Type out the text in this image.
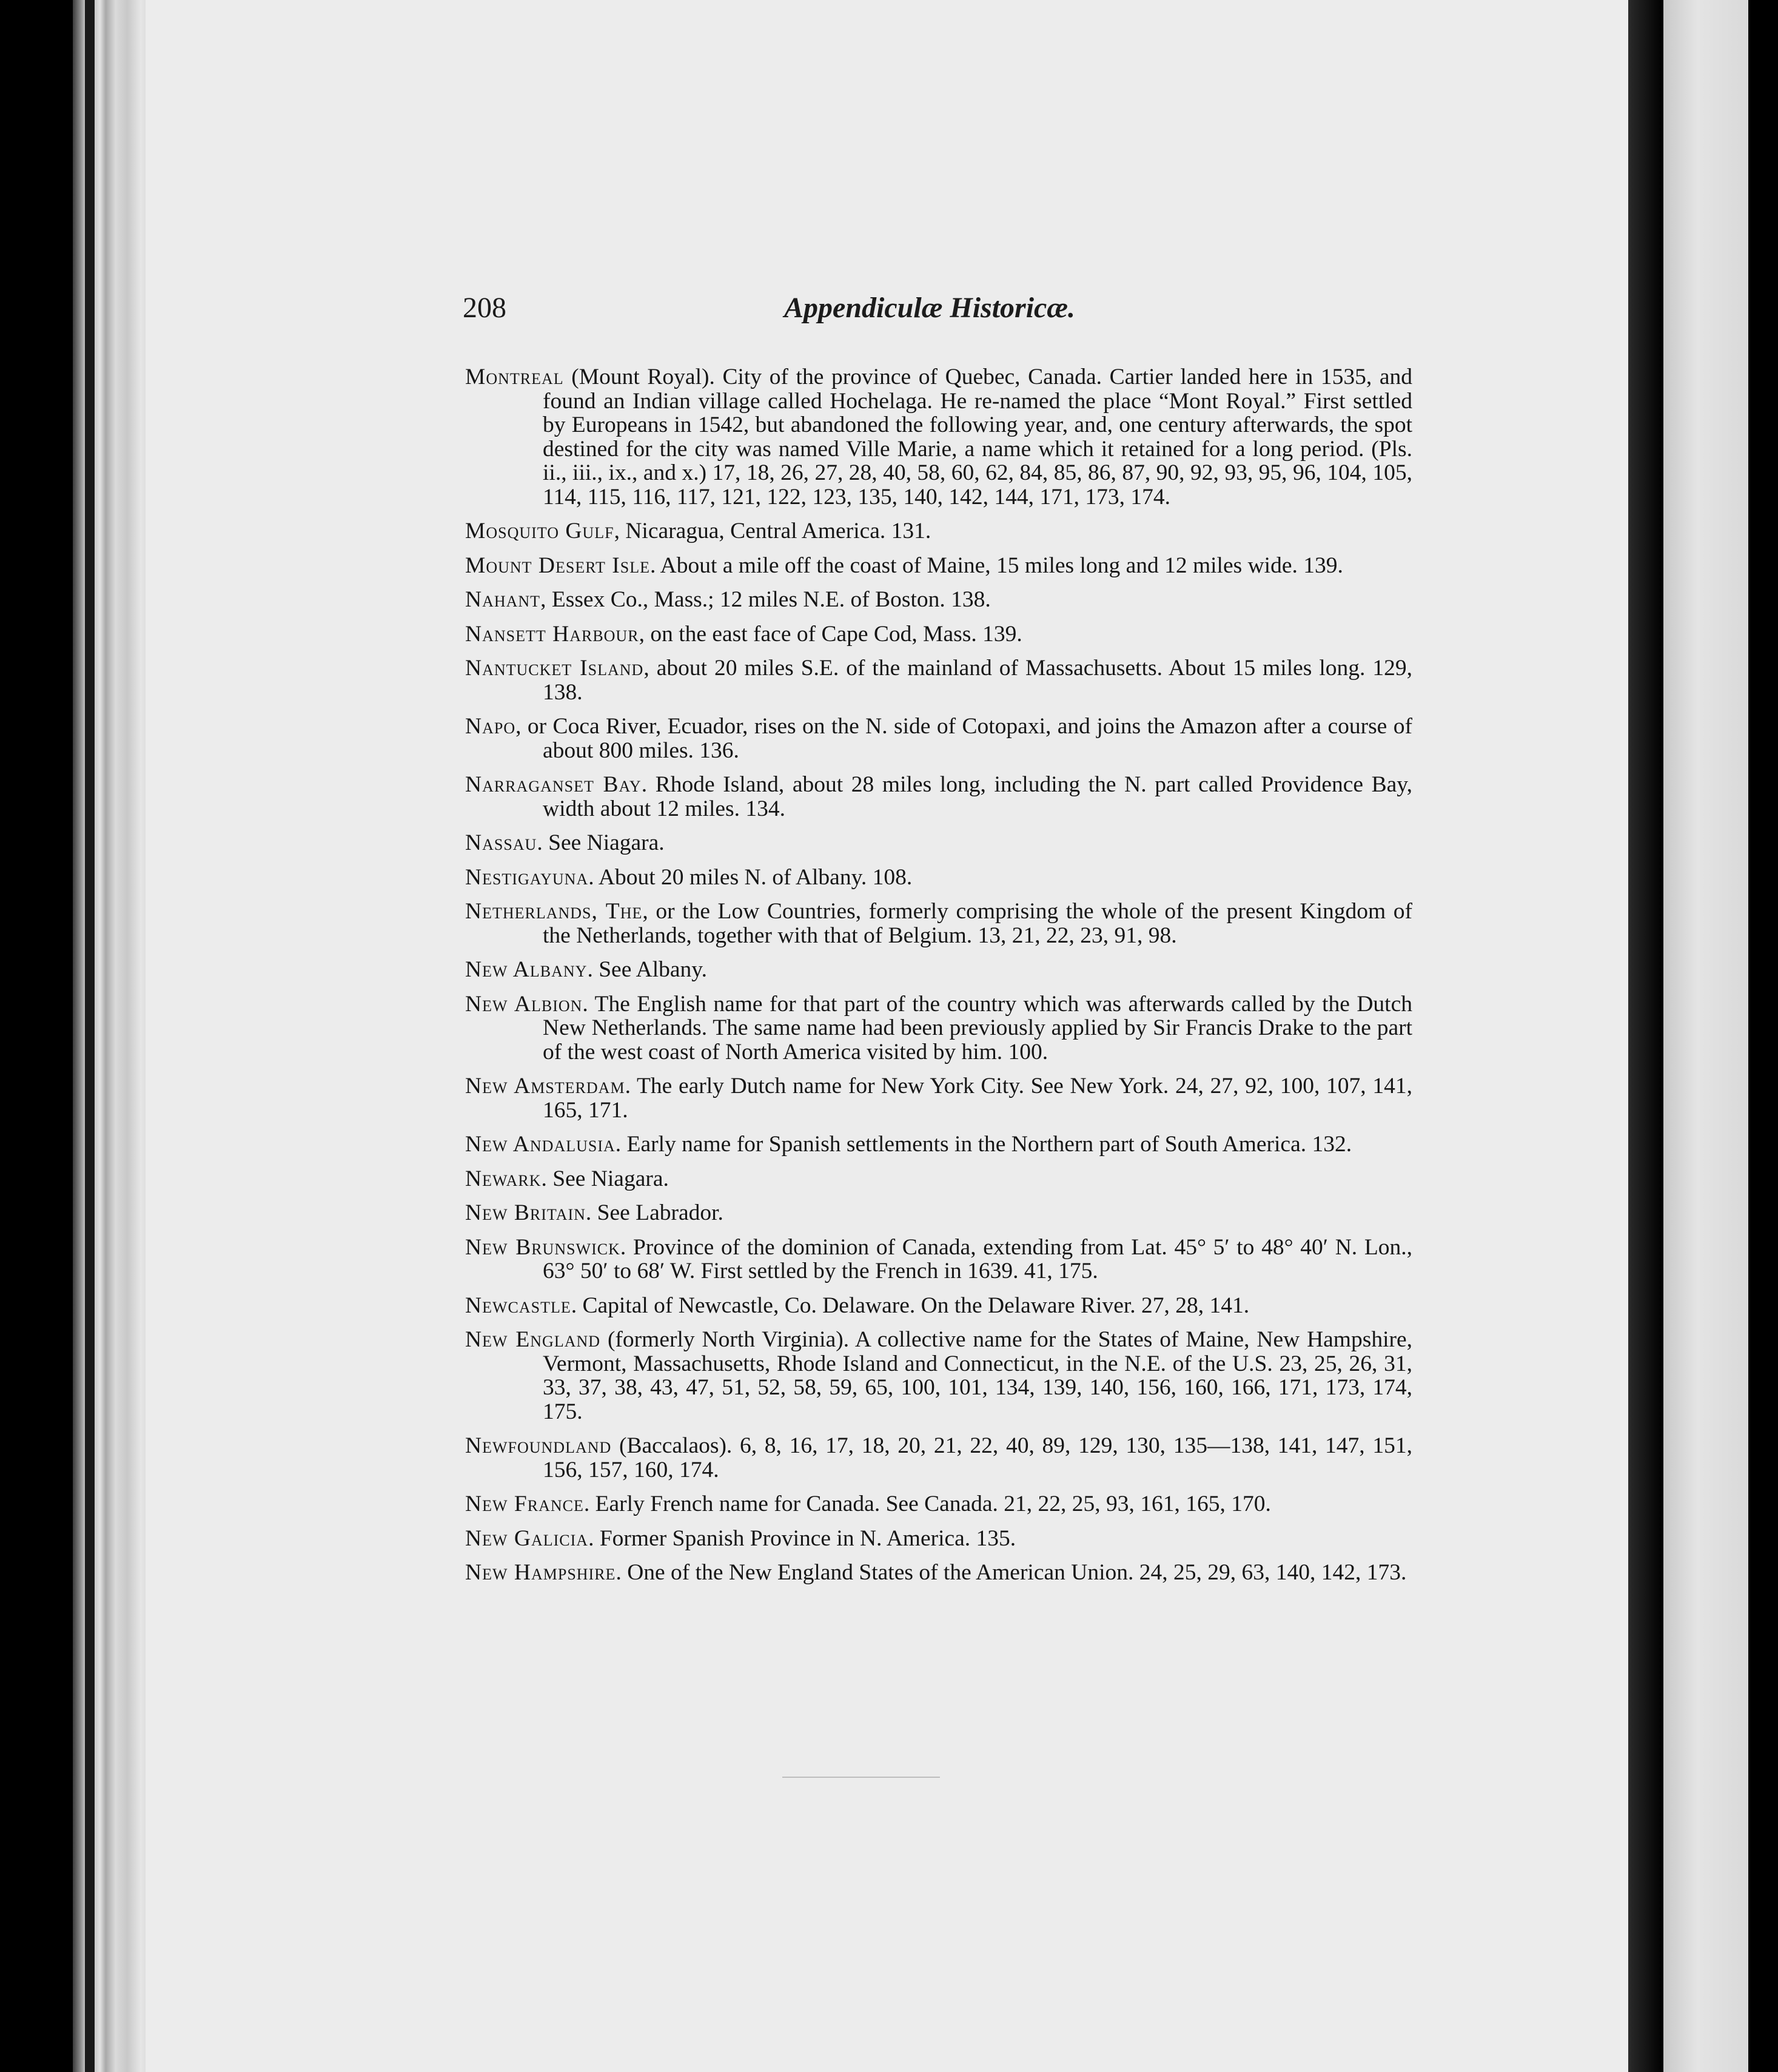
208	Appendiculæ Historicæ.

Montreal (Mount Royal). City of the province of Quebec, Canada. Cartier landed here in 1535, and found an Indian village called Hochelaga. He re-named the place “Mont Royal.” First settled by Europeans in 1542, but abandoned the following year, and, one century afterwards, the spot destined for the city was named Ville Marie, a name which it retained for a long period. (Pls. ii., iii., ix., and x.) 17, 18, 26, 27, 28, 40, 58, 60, 62, 84, 85, 86, 87, 90, 92, 93, 95, 96, 104, 105, 114, 115, 116, 117, 121, 122, 123, 135, 140, 142, 144, 171, 173, 174.

Mosquito Gulf, Nicaragua, Central America. 131.

Mount Desert Isle. About a mile off the coast of Maine, 15 miles long and 12 miles wide. 139.

Nahant, Essex Co., Mass.; 12 miles N.E. of Boston. 138.

Nansett Harbour, on the east face of Cape Cod, Mass. 139.

Nantucket Island, about 20 miles S.E. of the mainland of Massachusetts. About 15 miles long. 129, 138.

Napo, or Coca River, Ecuador, rises on the N. side of Cotopaxi, and joins the Amazon after a course of about 800 miles. 136.

Narraganset Bay. Rhode Island, about 28 miles long, including the N. part called Providence Bay, width about 12 miles. 134.

Nassau. See Niagara.

Nestigayuna. About 20 miles N. of Albany. 108.

Netherlands, The, or the Low Countries, formerly comprising the whole of the present Kingdom of the Netherlands, together with that of Belgium. 13, 21, 22, 23, 91, 98.

New Albany. See Albany.

New Albion. The English name for that part of the country which was afterwards called by the Dutch New Netherlands. The same name had been previously applied by Sir Francis Drake to the part of the west coast of North America visited by him. 100.

New Amsterdam. The early Dutch name for New York City. See New York. 24, 27, 92, 100, 107, 141, 165, 171.

New Andalusia. Early name for Spanish settlements in the Northern part of South America. 132.

Newark. See Niagara.

New Britain. See Labrador.

New Brunswick. Province of the dominion of Canada, extending from Lat. 45° 5′ to 48° 40′ N. Lon., 63° 50′ to 68′ W. First settled by the French in 1639. 41, 175.

Newcastle. Capital of Newcastle, Co. Delaware. On the Delaware River. 27, 28, 141.

New England (formerly North Virginia). A collective name for the States of Maine, New Hampshire, Vermont, Massachusetts, Rhode Island and Connecticut, in the N.E. of the U.S. 23, 25, 26, 31, 33, 37, 38, 43, 47, 51, 52, 58, 59, 65, 100, 101, 134, 139, 140, 156, 160, 166, 171, 173, 174, 175.

Newfoundland (Baccalaos). 6, 8, 16, 17, 18, 20, 21, 22, 40, 89, 129, 130, 135—138, 141, 147, 151, 156, 157, 160, 174.

New France. Early French name for Canada. See Canada. 21, 22, 25, 93, 161, 165, 170.

New Galicia. Former Spanish Province in N. America. 135.

New Hampshire. One of the New England States of the American Union. 24, 25, 29, 63, 140, 142, 173.
